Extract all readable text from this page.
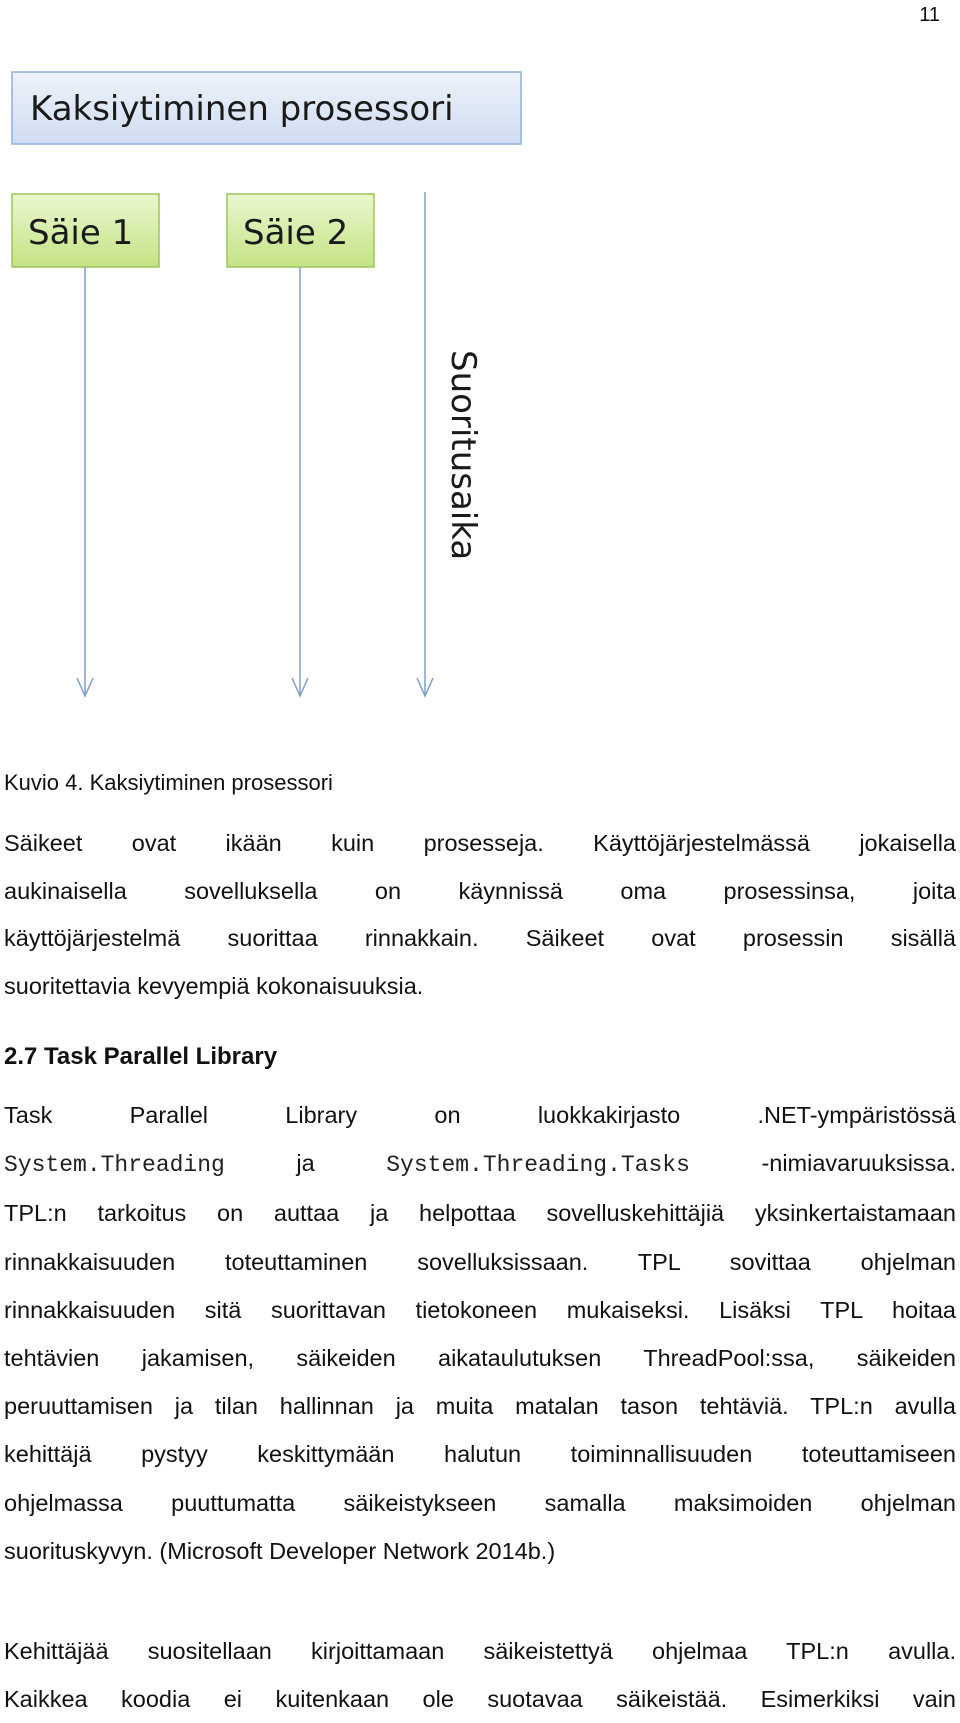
11
Kaksiytiminen prosessori
Säie 1	Säie 2
Suoritusaika
Kuvio 4. Kaksiytiminen prosessori

Säikeet ovat ikään kuin prosesseja. Käyttöjärjestelmässä jokaisella
aukinaisella sovelluksella on käynnissä oma prosessinsa, joita
käyttöjärjestelmä suorittaa rinnakkain. Säikeet ovat prosessin sisällä
suoritettavia kevyempiä kokonaisuuksia.

2.7 Task Parallel Library

Task Parallel Library on luokkakirjasto .NET-ympäristössä
System.Threading	ja	System.Threading.Tasks	-nimiavaruuksissa.
TPL:n tarkoitus on auttaa ja helpottaa sovelluskehittäjiä yksinkertaistamaan
rinnakkaisuuden toteuttaminen sovelluksissaan. TPL sovittaa ohjelman
rinnakkaisuuden sitä suorittavan tietokoneen mukaiseksi. Lisäksi TPL hoitaa
tehtävien jakamisen, säikeiden aikataulutuksen ThreadPool:ssa, säikeiden
peruuttamisen ja tilan hallinnan ja muita matalan tason tehtäviä. TPL:n avulla
kehittäjä pystyy keskittymään halutun toiminnallisuuden toteuttamiseen
ohjelmassa puuttumatta säikeistykseen samalla maksimoiden ohjelman
suorituskyvyn. (Microsoft Developer Network 2014b.)

Kehittäjää suositellaan kirjoittamaan säikeistettyä ohjelmaa TPL:n avulla.
Kaikkea koodia ei kuitenkaan ole suotavaa säikeistää. Esimerkiksi vain
